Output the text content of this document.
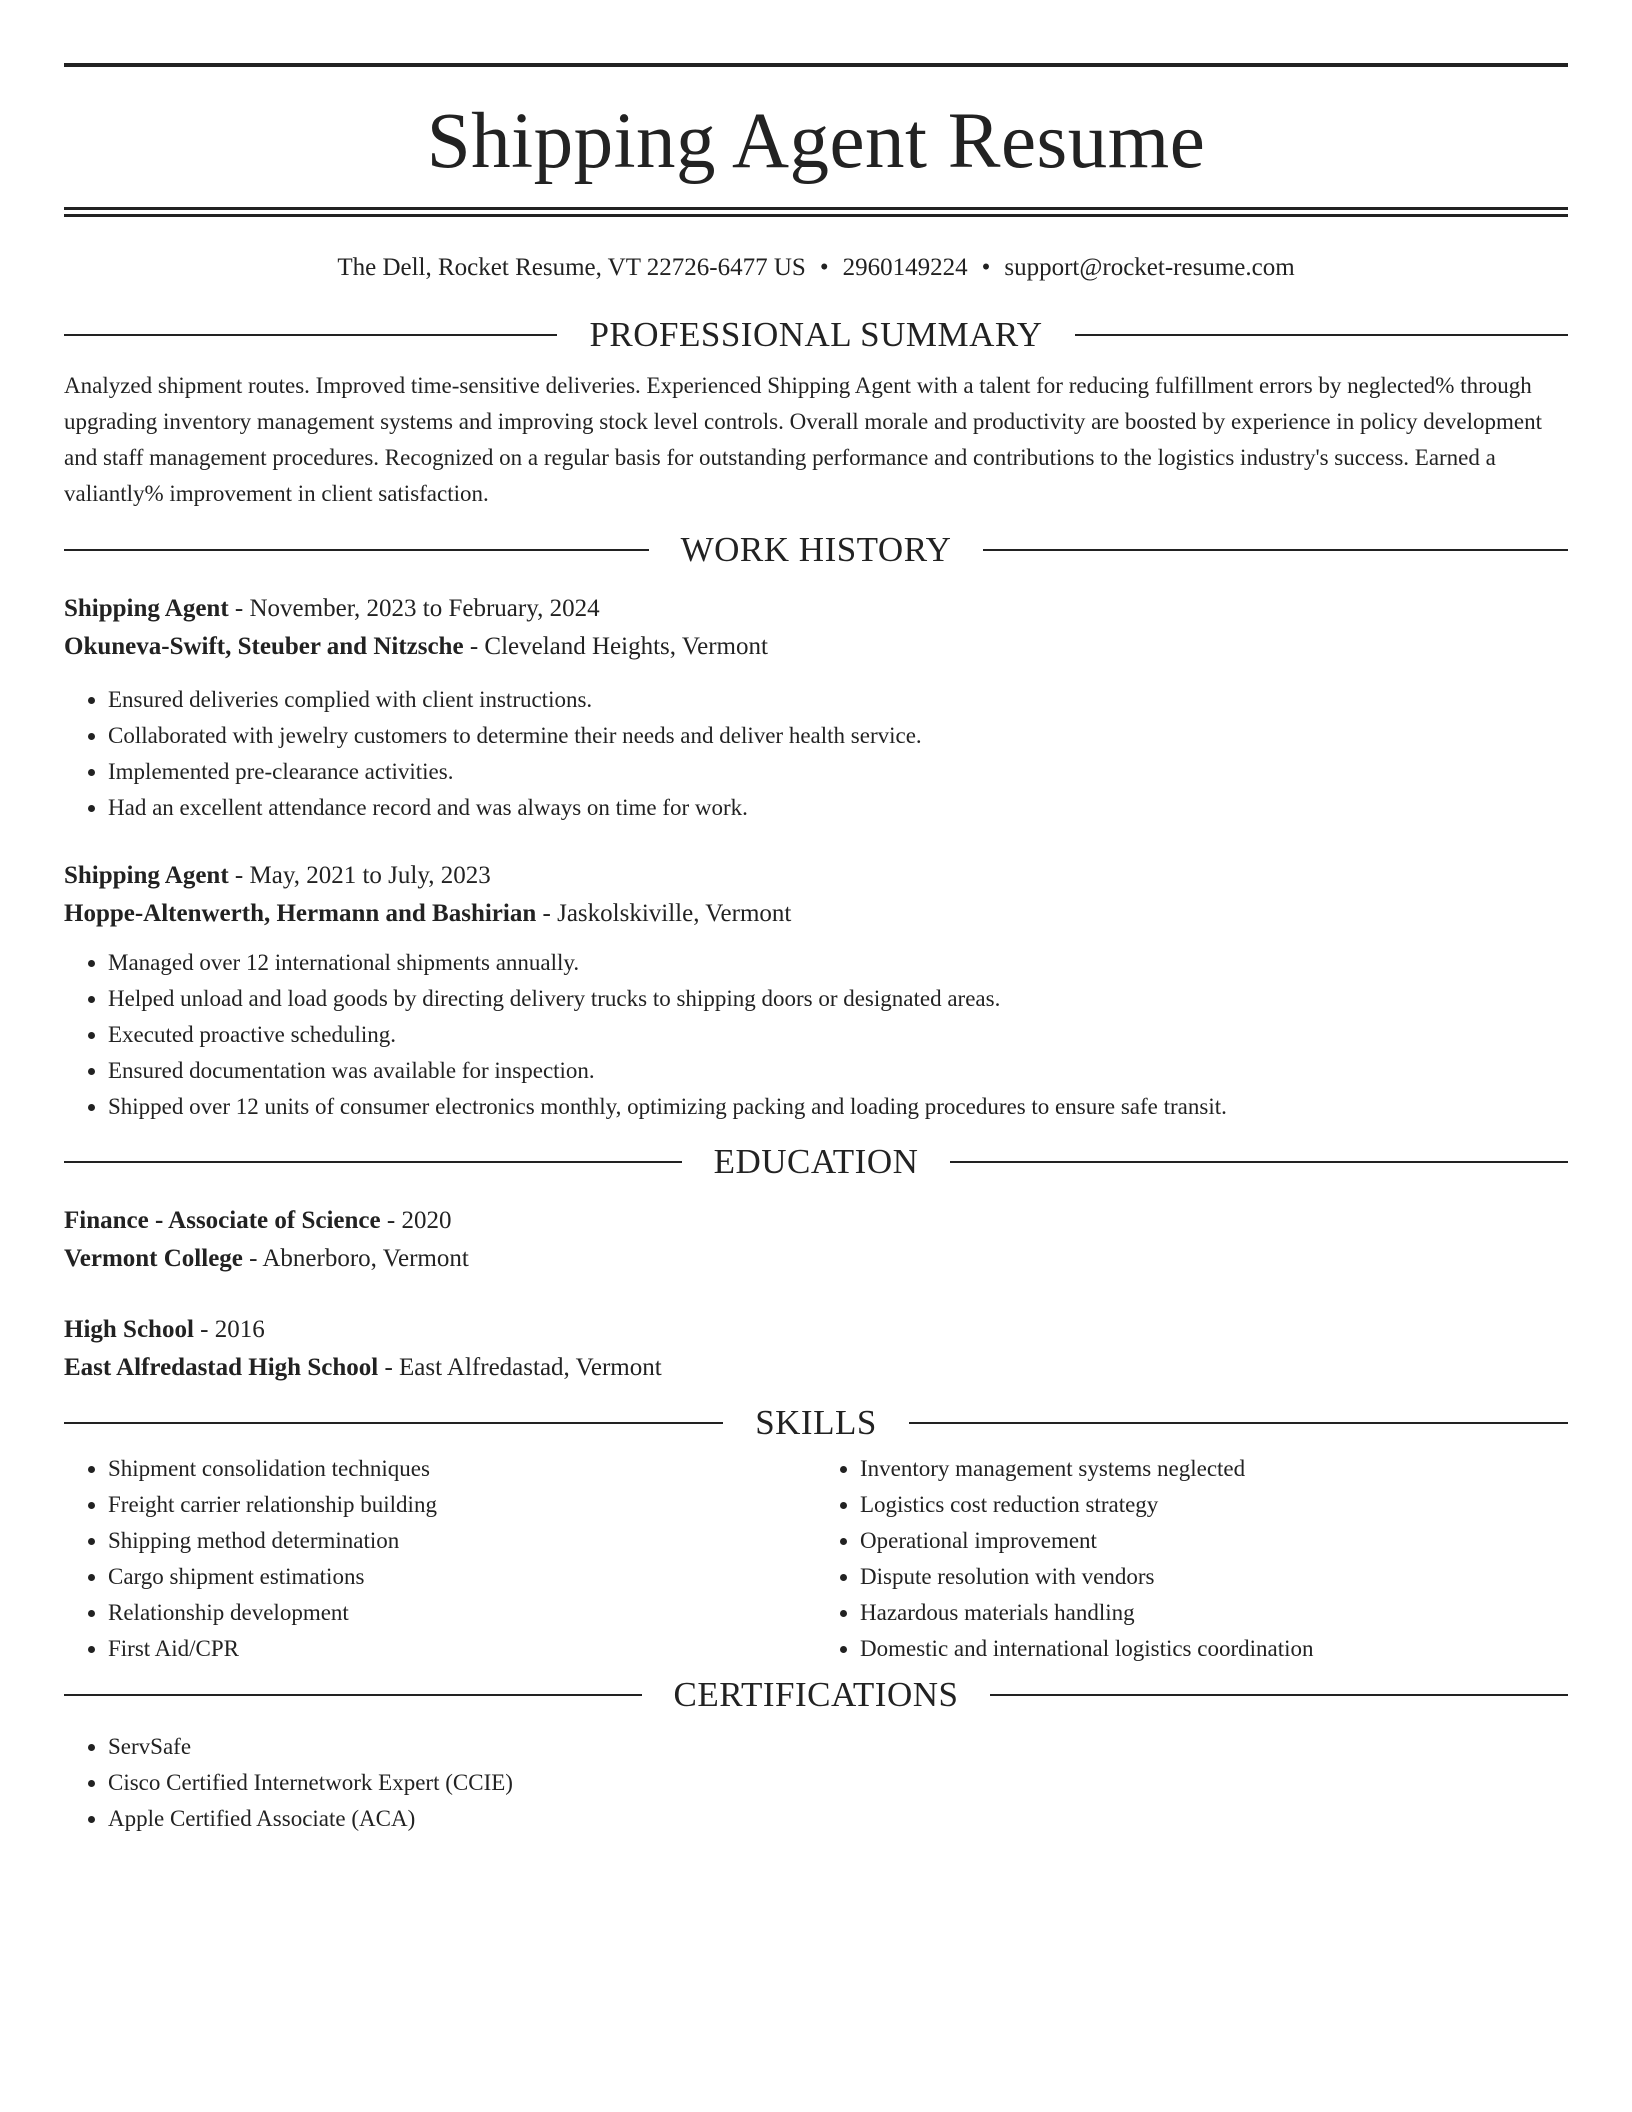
Shipping Agent Resume
The Dell, Rocket Resume, VT 22726-6477 US • 2960149224 • support@rocket-resume.com
PROFESSIONAL SUMMARY

Analyzed shipment routes. Improved time-sensitive deliveries. Experienced Shipping Agent with a talent for reducing fulfillment errors by neglected% through upgrading inventory management systems and improving stock level controls. Overall morale and productivity are boosted by experience in policy development and staff management procedures. Recognized on a regular basis for outstanding performance and contributions to the logistics industry's success. Earned a valiantly% improvement in client satisfaction.

WORK HISTORY
Shipping Agent - November, 2023 to February, 2024
Okuneva-Swift, Steuber and Nitzsche - Cleveland Heights, Vermont
• Ensured deliveries complied with client instructions.
• Collaborated with jewelry customers to determine their needs and deliver health service.
• Implemented pre-clearance activities.
• Had an excellent attendance record and was always on time for work.
Shipping Agent - May, 2021 to July, 2023
Hoppe-Altenwerth, Hermann and Bashirian - Jaskolskiville, Vermont
• Managed over 12 international shipments annually.
• Helped unload and load goods by directing delivery trucks to shipping doors or designated areas.
• Executed proactive scheduling.
• Ensured documentation was available for inspection.
• Shipped over 12 units of consumer electronics monthly, optimizing packing and loading procedures to ensure safe transit.
EDUCATION
Finance - Associate of Science - 2020
Vermont College - Abnerboro, Vermont
High School - 2016
East Alfredastad High School - East Alfredastad, Vermont
SKILLS
• Shipment consolidation techniques
• Freight carrier relationship building
• Shipping method determination
• Cargo shipment estimations
• Relationship development
• First Aid/CPR
• Inventory management systems neglected
• Logistics cost reduction strategy
• Operational improvement
• Dispute resolution with vendors
• Hazardous materials handling
• Domestic and international logistics coordination
CERTIFICATIONS
• ServSafe
• Cisco Certified Internetwork Expert (CCIE)
• Apple Certified Associate (ACA)
